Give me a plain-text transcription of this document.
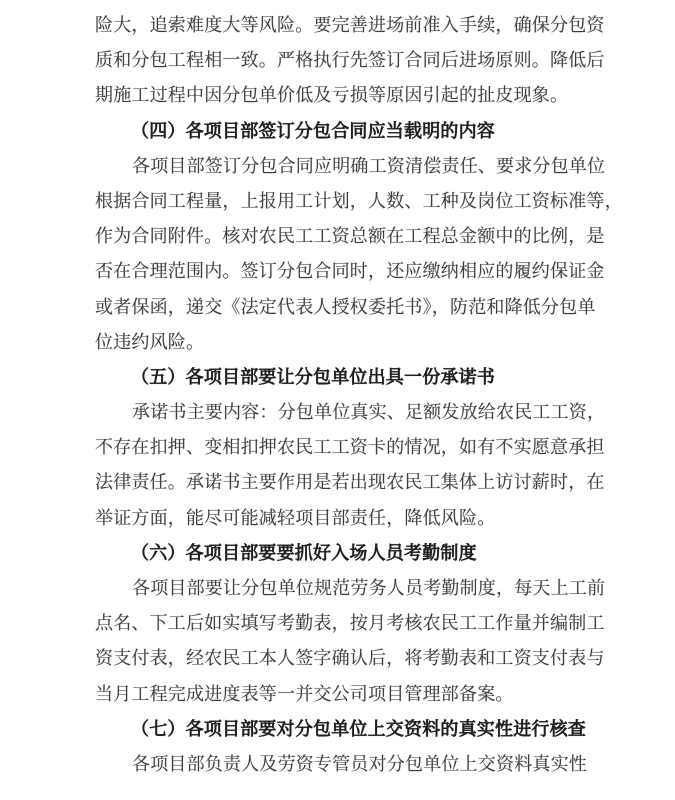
险大，追索难度大等风险。要完善进场前准入手续，确保分包资
质和分包工程相一致。严格执行先签订合同后进场原则。降低后
期施工过程中因分包单价低及亏损等原因引起的扯皮现象。
（四）各项目部签订分包合同应当载明的内容
各项目部签订分包合同应明确工资清偿责任、要求分包单位
根据合同工程量，上报用工计划，人数、工种及岗位工资标准等，
作为合同附件。核对农民工工资总额在工程总金额中的比例，是
否在合理范围内。签订分包合同时，还应缴纳相应的履约保证金
或者保函，递交《法定代表人授权委托书》，防范和降低分包单
位违约风险。
（五）各项目部要让分包单位出具一份承诺书
承诺书主要内容：分包单位真实、足额发放给农民工工资，
不存在扣押、变相扣押农民工工资卡的情况，如有不实愿意承担
法律责任。承诺书主要作用是若出现农民工集体上访讨薪时，在
举证方面，能尽可能减轻项目部责任，降低风险。
（六）各项目部要要抓好入场人员考勤制度
各项目部要让分包单位规范劳务人员考勤制度，每天上工前
点名、下工后如实填写考勤表，按月考核农民工工作量并编制工
资支付表，经农民工本人签字确认后，将考勤表和工资支付表与
当月工程完成进度表等一并交公司项目管理部备案。
（七）各项目部要对分包单位上交资料的真实性进行核查
各项目部负责人及劳资专管员对分包单位上交资料真实性
